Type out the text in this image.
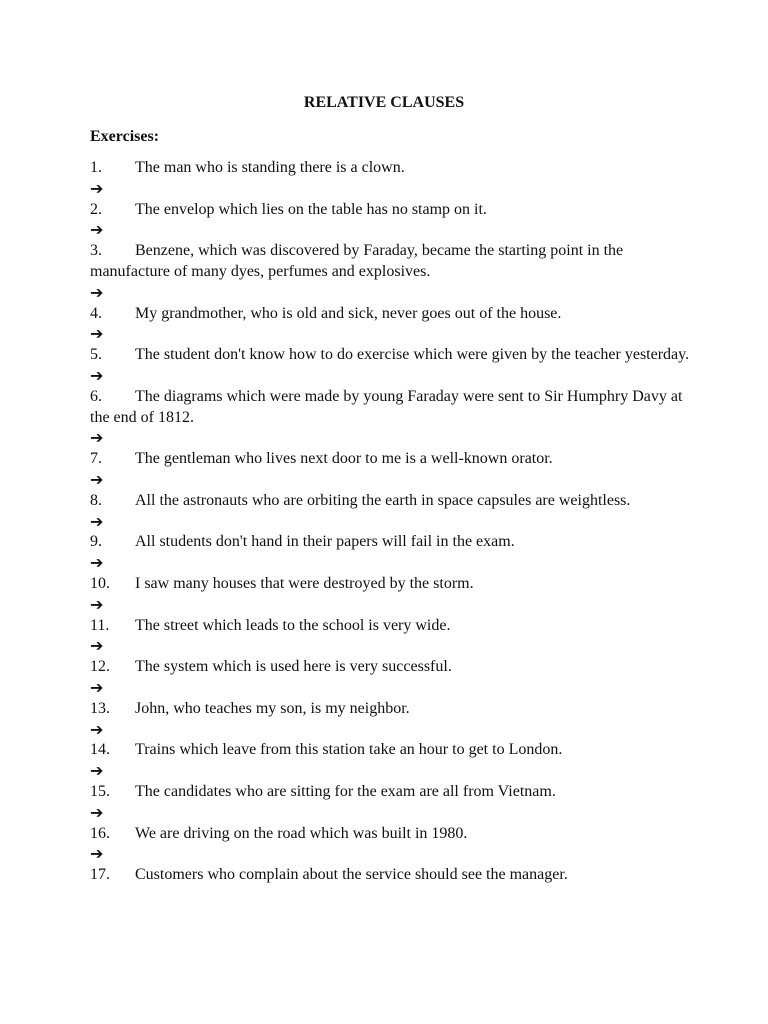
RELATIVE CLAUSES
Exercises:

1. The man who is standing there is a clown.

➔

2. The envelop which lies on the table has no stamp on it.

➔

3. Benzene, which was discovered by Faraday, became the starting point in the manufacture of many dyes, perfumes and explosives.

➔

4. My grandmother, who is old and sick, never goes out of the house.

➔

5. The student don't know how to do exercise which were given by the teacher yesterday.

➔

6. The diagrams which were made by young Faraday were sent to Sir Humphry Davy at the end of 1812.

➔

7. The gentleman who lives next door to me is a well-known orator.

➔

8. All the astronauts who are orbiting the earth in space capsules are weightless.

➔

9. All students don't hand in their papers will fail in the exam.

➔

10. I saw many houses that were destroyed by the storm.

➔

11. The street which leads to the school is very wide.

➔

12. The system which is used here is very successful.

➔

13. John, who teaches my son, is my neighbor.

➔

14. Trains which leave from this station take an hour to get to London.

➔

15. The candidates who are sitting for the exam are all from Vietnam.

➔

16. We are driving on the road which was built in 1980.

➔

17. Customers who complain about the service should see the manager.
